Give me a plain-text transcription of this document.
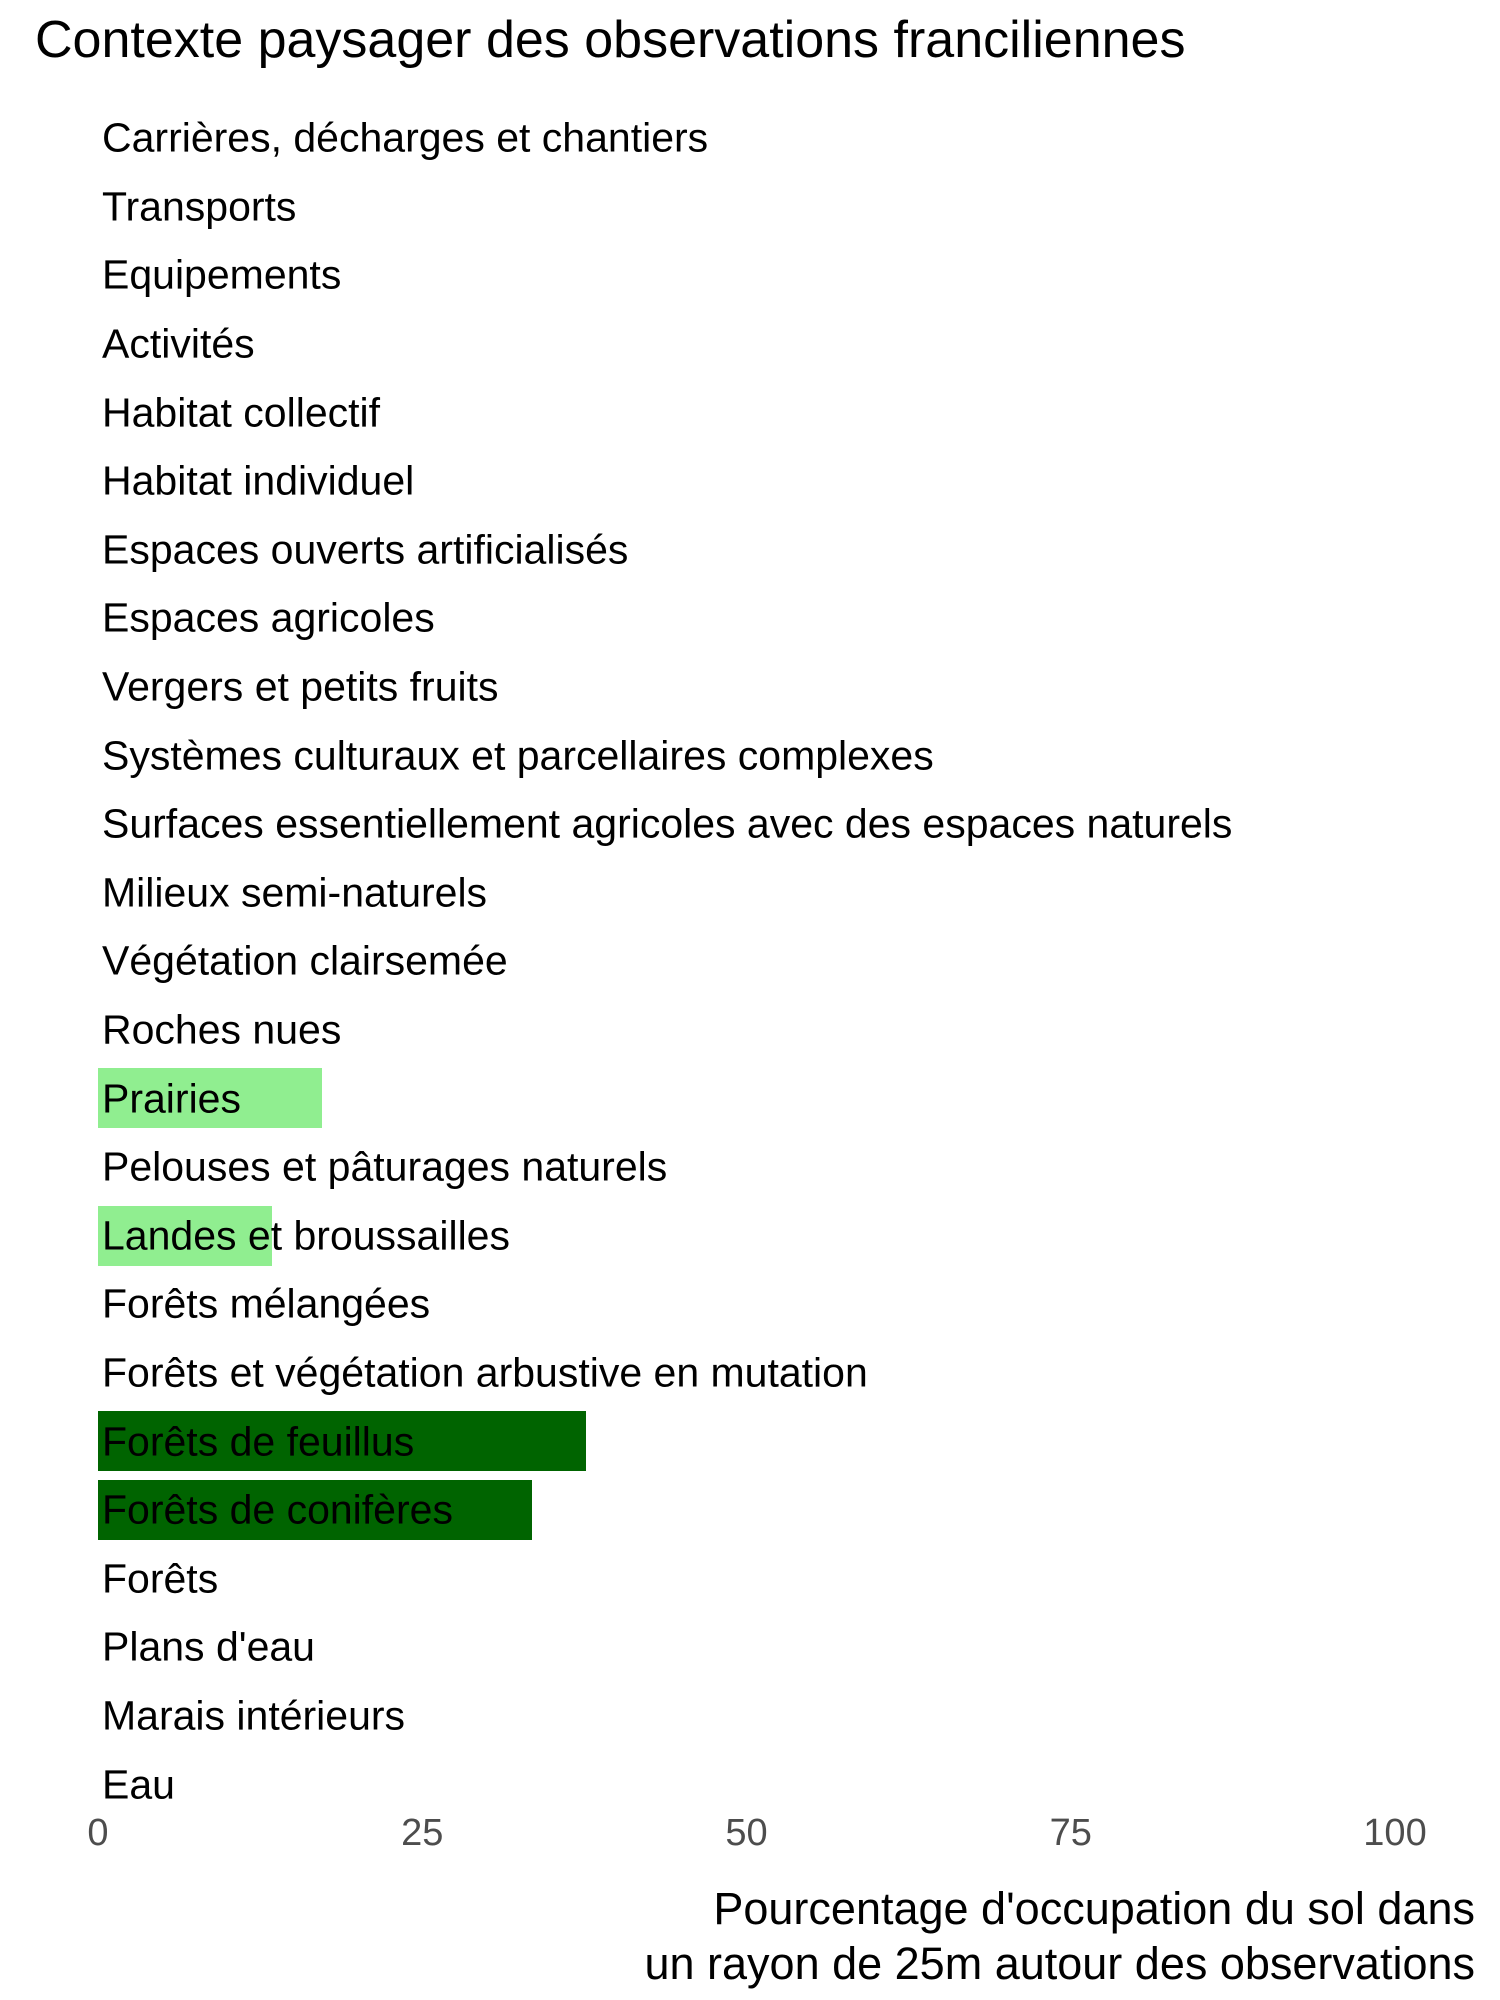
Contexte paysager des observations franciliennes
Carrières, décharges et chantiers
Transports
Equipements
Activités
Habitat collectif
Habitat individuel
Espaces ouverts artificialisés
Espaces agricoles
Vergers et petits fruits
Systèmes culturaux et parcellaires complexes
Surfaces essentiellement agricoles avec des espaces naturels
Milieux semi-naturels
Végétation clairsemée
Roches nues
Prairies
Pelouses et pâturages naturels
Landes et broussailles
Forêts mélangées
Forêts et végétation arbustive en mutation
Forêts de feuillus
Forêts de conifères
Forêts
Plans d'eau
Marais intérieurs
Eau
0	25	50	75	100
Pourcentage d'occupation du sol dans
un rayon de 25m autour des observations
